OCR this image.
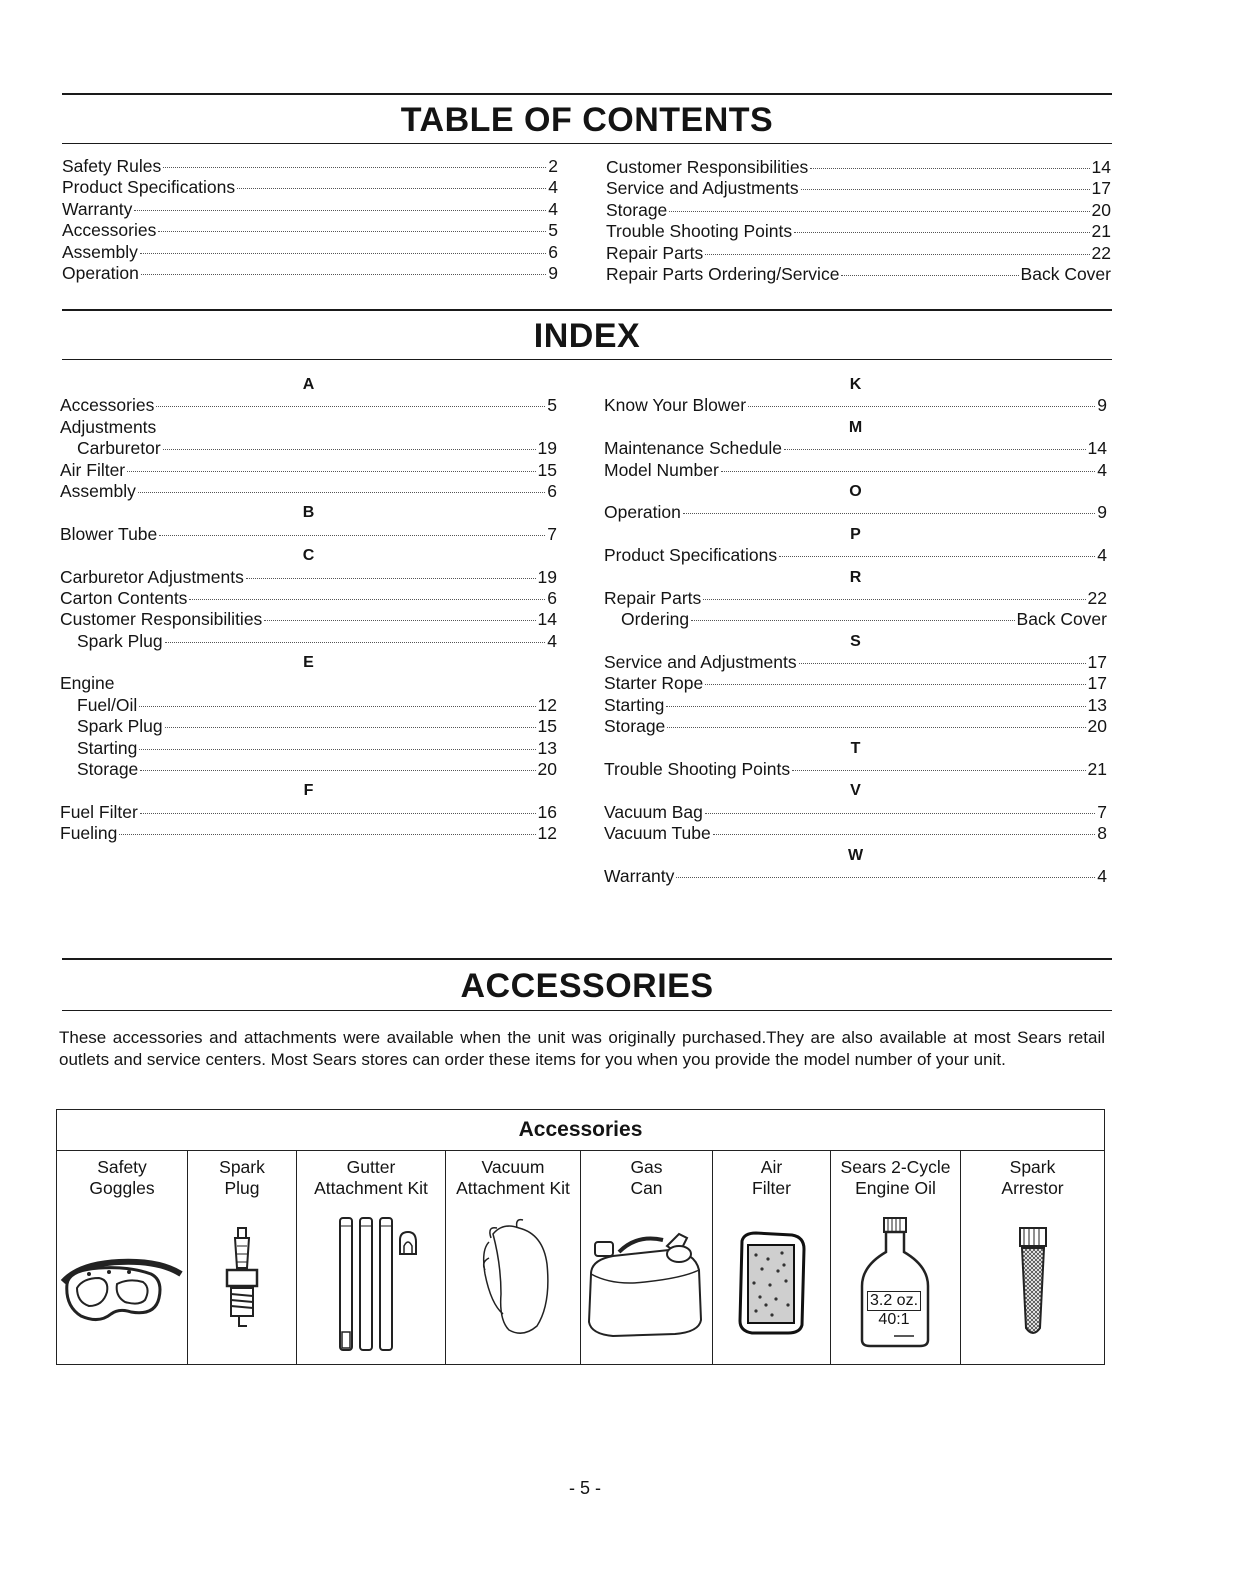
TABLE OF CONTENTS
Safety Rules	2
Product Specifications	4
Warranty	4
Accessories	5
Assembly	6
Operation	9
Customer Responsibilities	14
Service and Adjustments	17
Storage	20
Trouble Shooting Points	21
Repair Parts	22
Repair Parts Ordering/Service	Back Cover
INDEX
A
Accessories	5
Adjustments
Carburetor	19
Air Filter	15
Assembly	6
B
Blower Tube	7
C
Carburetor Adjustments	19
Carton Contents	6
Customer Responsibilities	14
Spark Plug	4
E
Engine
Fuel/Oil	12
Spark Plug	15
Starting	13
Storage	20
F
Fuel Filter	16
Fueling	12
K
Know Your Blower	9
M
Maintenance Schedule	14
Model Number	4
O
Operation	9
P
Product Specifications	4
R
Repair Parts	22
Ordering	Back Cover
S
Service and Adjustments	17
Starter Rope	17
Starting	13
Storage	20
T
Trouble Shooting Points	21
V
Vacuum Bag	7
Vacuum Tube	8
W
Warranty	4
ACCESSORIES
These accessories and attachments were available when the unit was originally purchased.They are also available at most Sears retail outlets and service centers. Most Sears stores can order these items for you when you provide the model number of your unit.
Accessories

Safety
Goggles

Spark
Plug

Gutter
Attachment Kit

Vacuum
Attachment Kit

Gas
Can

Air
Filter

Sears 2-Cycle
Engine Oil
3.2 oz.
40:1

Spark
Arrestor
- 5 -
